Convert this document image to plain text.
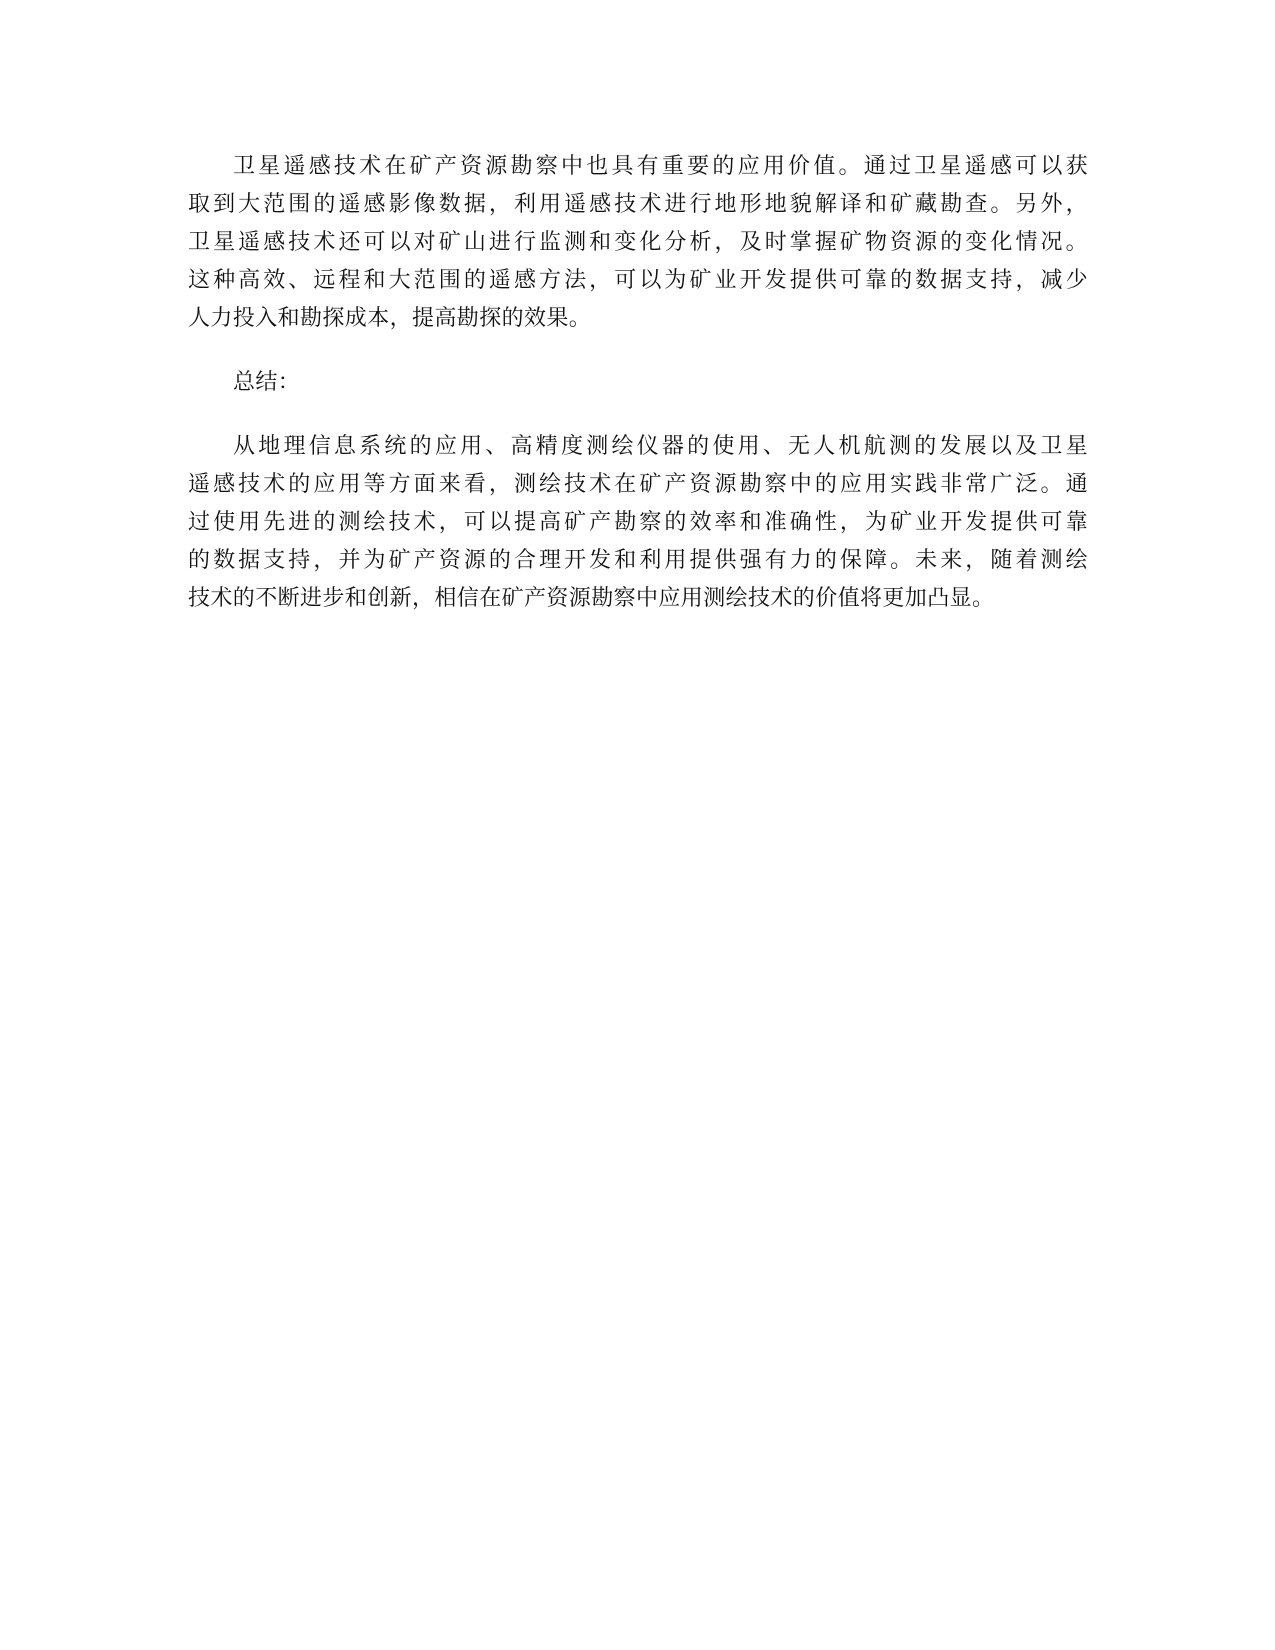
卫星遥感技术在矿产资源勘察中也具有重要的应用价值。通过卫星遥感可以获
取到大范围的遥感影像数据，利用遥感技术进行地形地貌解译和矿藏勘查。另外，
卫星遥感技术还可以对矿山进行监测和变化分析，及时掌握矿物资源的变化情况。
这种高效、远程和大范围的遥感方法，可以为矿业开发提供可靠的数据支持，减少
人力投入和勘探成本，提高勘探的效果。

总结：

从地理信息系统的应用、高精度测绘仪器的使用、无人机航测的发展以及卫星
遥感技术的应用等方面来看，测绘技术在矿产资源勘察中的应用实践非常广泛。通
过使用先进的测绘技术，可以提高矿产勘察的效率和准确性，为矿业开发提供可靠
的数据支持，并为矿产资源的合理开发和利用提供强有力的保障。未来，随着测绘
技术的不断进步和创新，相信在矿产资源勘察中应用测绘技术的价值将更加凸显。
